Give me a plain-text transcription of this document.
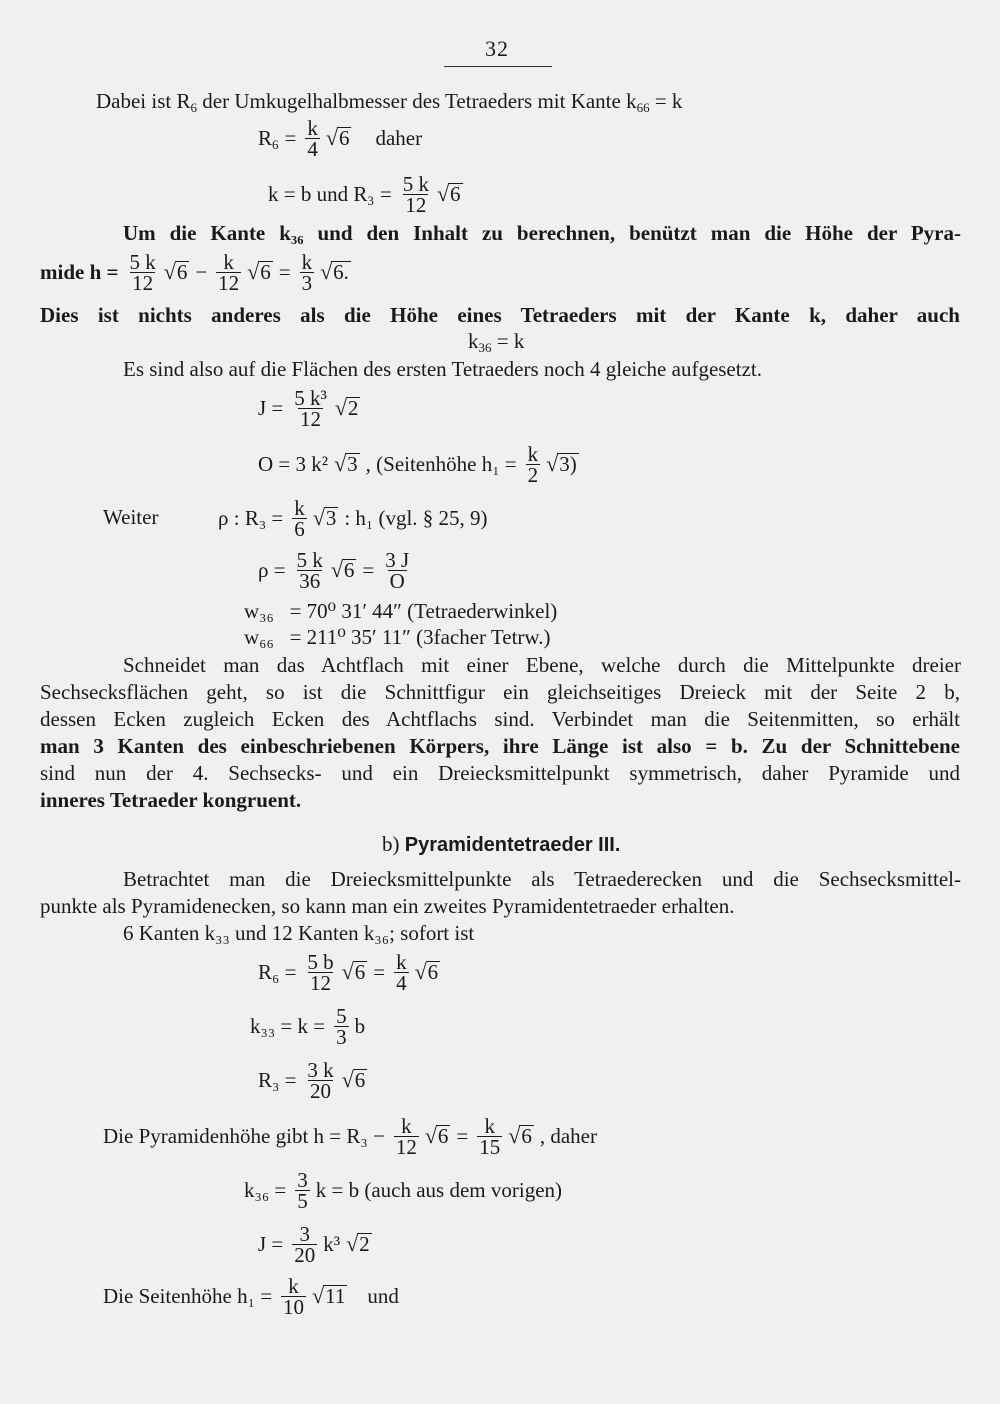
32
Dabei ist $R_6$ der Umkugelhalbmesser des Tetraeders mit Kante $k_{66} = k$
$R_6 = \frac{k}{4} √6$ daher
k = b und $R_3 = \frac{5 k}{12} √6$
Um die Kante k₃₆ und den Inhalt zu berechnen, benützt man die Höhe der Pyra-
mide $h = \frac{5 k}{12} √6 - \frac{k}{12} √6 = \frac{k}{3} √6$.
Dies ist nichts anderes als die Höhe eines Tetraeders mit der Kante k, daher auch
$k_{36} = k$
Es sind also auf die Flächen des ersten Tetraeders noch 4 gleiche aufgesetzt.
$J = \frac{\text{5 k³}}{12} √2$
O = 3 k² √3 , (Seitenhöhe $h_1 = \frac{k}{2} √3$)
Weiter	ρ : $R_3 = \frac{k}{6} √3$ : h₁ (vgl. § 25, 9)
$\rho = \frac{5 k}{36} √6 = \frac{3 J}{O}$
w₃₆ = 70⁰ 31′ 44″ (Tetraederwinkel)
w₆₆ = 211⁰ 35′ 11″ (3facher Tetrw.)
Schneidet man das Achtflach mit einer Ebene, welche durch die Mittelpunkte dreier
Sechsecksflächen geht, so ist die Schnittfigur ein gleichseitiges Dreieck mit der Seite 2 b,
dessen Ecken zugleich Ecken des Achtflachs sind. Verbindet man die Seitenmitten, so erhält
man 3 Kanten des einbeschriebenen Körpers, ihre Länge ist also = b. Zu der Schnittebene
sind nun der 4. Sechsecks- und ein Dreiecksmittelpunkt symmetrisch, daher Pyramide und
inneres Tetraeder kongruent.
b) Pyramidentetraeder III.
Betrachtet man die Dreiecksmittelpunkte als Tetraederecken und die Sechsecksmittel-
punkte als Pyramidenecken, so kann man ein zweites Pyramidentetraeder erhalten.
6 Kanten k₃₃ und 12 Kanten k₃₆; sofort ist
$R_6 = \frac{5 b}{12} √6 = \frac{k}{4} √6$
$k_{33} = k = \frac{5}{3}$ b
$R_3 = \frac{3 k}{20} √6$
Die Pyramidenhöhe gibt $h = R_3 - \frac{k}{12} √6 = \frac{k}{15} √6$ , daher
$k_{36} = \frac{3}{5}$ k = b (auch aus dem vorigen)
$J = \frac{3}{20} k^3$ √2
Die Seitenhöhe $h_1 = \frac{k}{10} √11$ und
